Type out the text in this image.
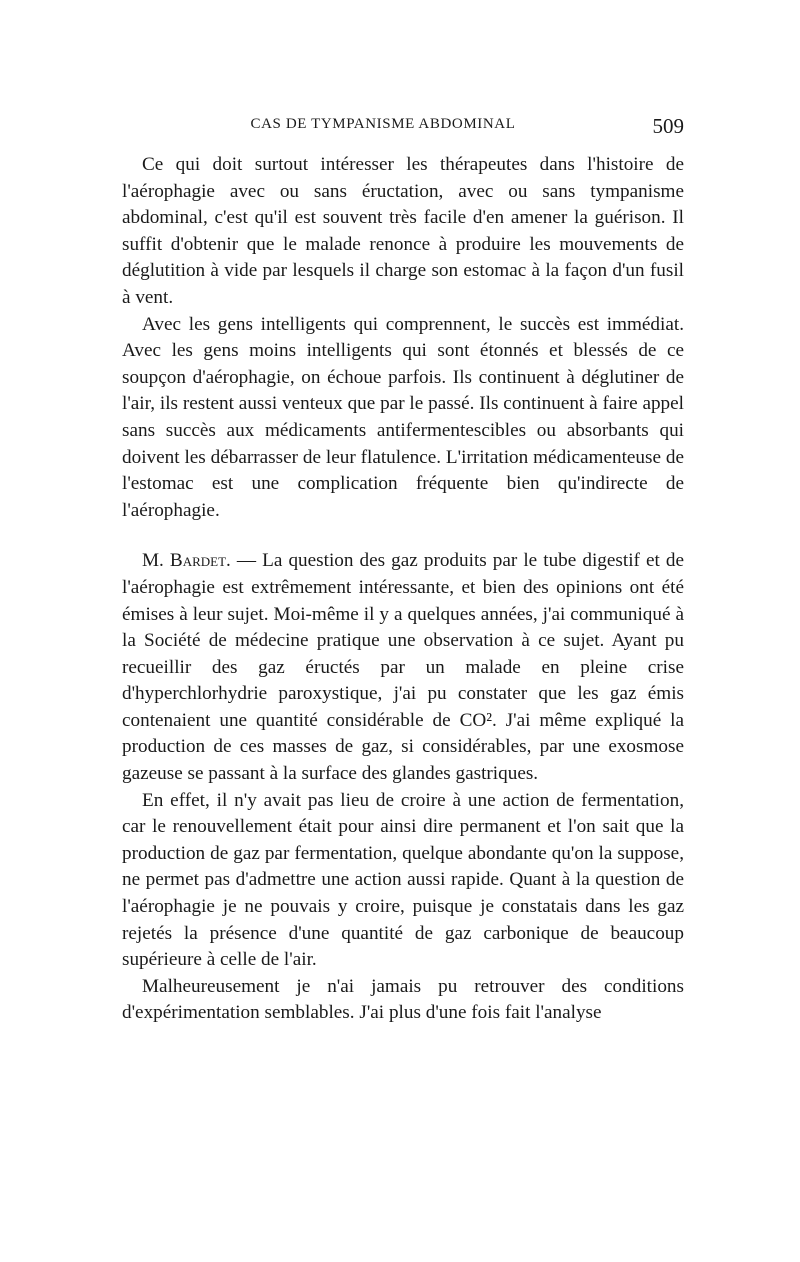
CAS DE TYMPANISME ABDOMINAL	509

Ce qui doit surtout intéresser les thérapeutes dans l'histoire de l'aérophagie avec ou sans éructation, avec ou sans tympanisme abdominal, c'est qu'il est souvent très facile d'en amener la guérison. Il suffit d'obtenir que le malade renonce à produire les mouvements de déglutition à vide par lesquels il charge son estomac à la façon d'un fusil à vent.

Avec les gens intelligents qui comprennent, le succès est immédiat. Avec les gens moins intelligents qui sont étonnés et blessés de ce soupçon d'aérophagie, on échoue parfois. Ils continuent à déglutiner de l'air, ils restent aussi venteux que par le passé. Ils continuent à faire appel sans succès aux médicaments antifermentescibles ou absorbants qui doivent les débarrasser de leur flatulence. L'irritation médicamenteuse de l'estomac est une complication fréquente bien qu'indirecte de l'aérophagie.

M. Bardet. — La question des gaz produits par le tube digestif et de l'aérophagie est extrêmement intéressante, et bien des opinions ont été émises à leur sujet. Moi-même il y a quelques années, j'ai communiqué à la Société de médecine pratique une observation à ce sujet. Ayant pu recueillir des gaz éructés par un malade en pleine crise d'hyperchlorhydrie paroxystique, j'ai pu constater que les gaz émis contenaient une quantité considérable de CO². J'ai même expliqué la production de ces masses de gaz, si considérables, par une exosmose gazeuse se passant à la surface des glandes gastriques.

En effet, il n'y avait pas lieu de croire à une action de fermentation, car le renouvellement était pour ainsi dire permanent et l'on sait que la production de gaz par fermentation, quelque abondante qu'on la suppose, ne permet pas d'admettre une action aussi rapide. Quant à la question de l'aérophagie je ne pouvais y croire, puisque je constatais dans les gaz rejetés la présence d'une quantité de gaz carbonique de beaucoup supérieure à celle de l'air.

Malheureusement je n'ai jamais pu retrouver des conditions d'expérimentation semblables. J'ai plus d'une fois fait l'analyse
